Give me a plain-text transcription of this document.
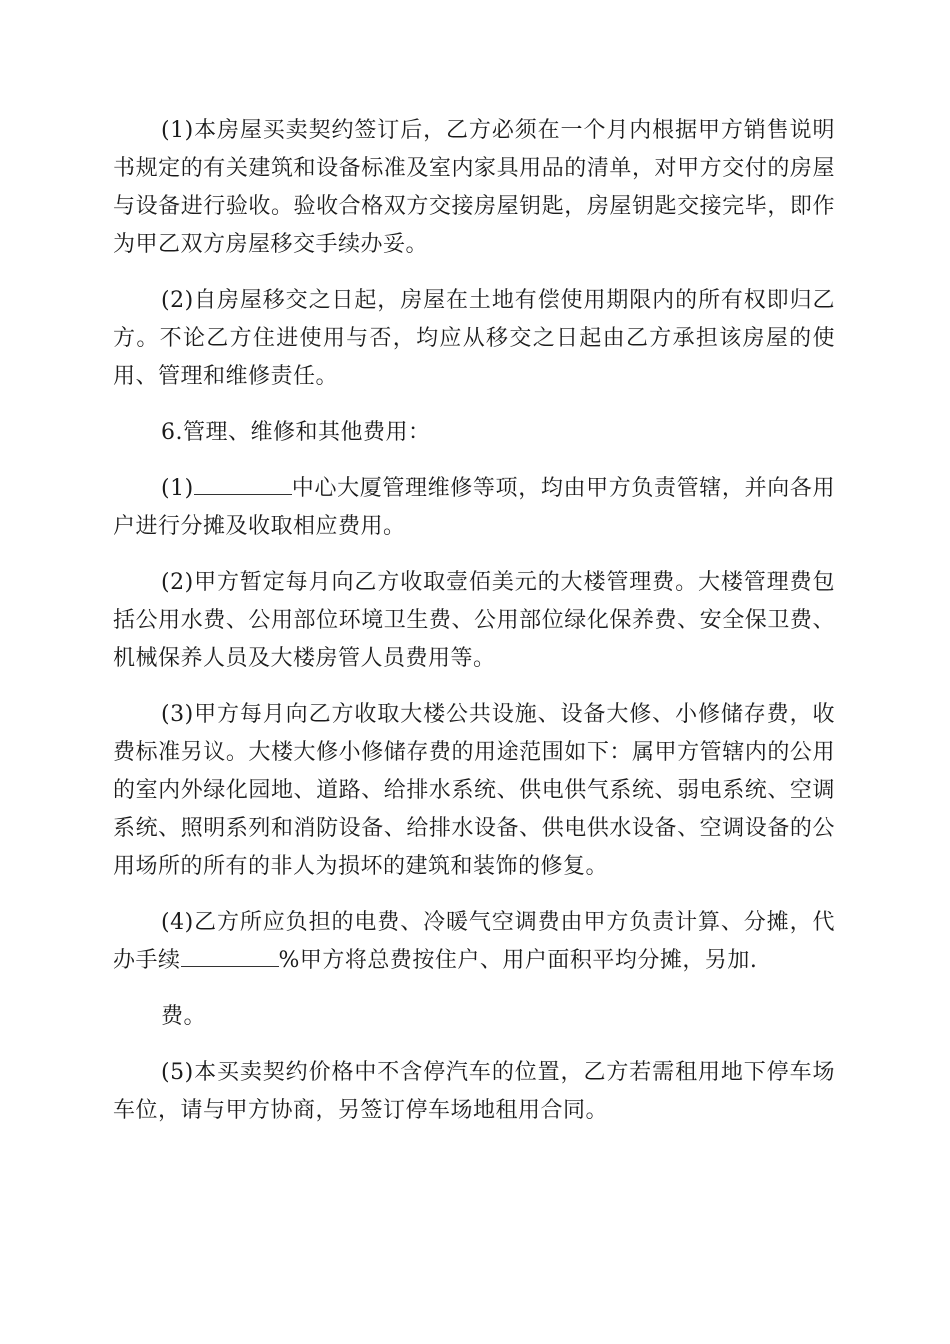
(1)本房屋买卖契约签订后，乙方必须在一个月内根据甲方销售说明书规定的有关建筑和设备标准及室内家具用品的清单，对甲方交付的房屋与设备进行验收。验收合格双方交接房屋钥匙，房屋钥匙交接完毕，即作为甲乙双方房屋移交手续办妥。

(2)自房屋移交之日起，房屋在土地有偿使用期限内的所有权即归乙方。不论乙方住进使用与否，均应从移交之日起由乙方承担该房屋的使用、管理和维修责任。

6.管理、维修和其他费用：

(1)	中心大厦管理维修等项，均由甲方负责管辖，并向各用户进行分摊及收取相应费用。

(2)甲方暂定每月向乙方收取壹佰美元的大楼管理费。大楼管理费包括公用水费、公用部位环境卫生费、公用部位绿化保养费、安全保卫费、机械保养人员及大楼房管人员费用等。

(3)甲方每月向乙方收取大楼公共设施、设备大修、小修储存费，收费标准另议。大楼大修小修储存费的用途范围如下：属甲方管辖内的公用的室内外绿化园地、道路、给排水系统、供电供气系统、弱电系统、空调系统、照明系列和消防设备、给排水设备、供电供水设备、空调设备的公用场所的所有的非人为损坏的建筑和装饰的修复。

(4)乙方所应负担的电费、冷暖气空调费由甲方负责计算、分摊，代办手续	%甲方将总费按住户、用户面积平均分摊，另加.

费。

(5)本买卖契约价格中不含停汽车的位置，乙方若需租用地下停车场车位，请与甲方协商，另签订停车场地租用合同。
